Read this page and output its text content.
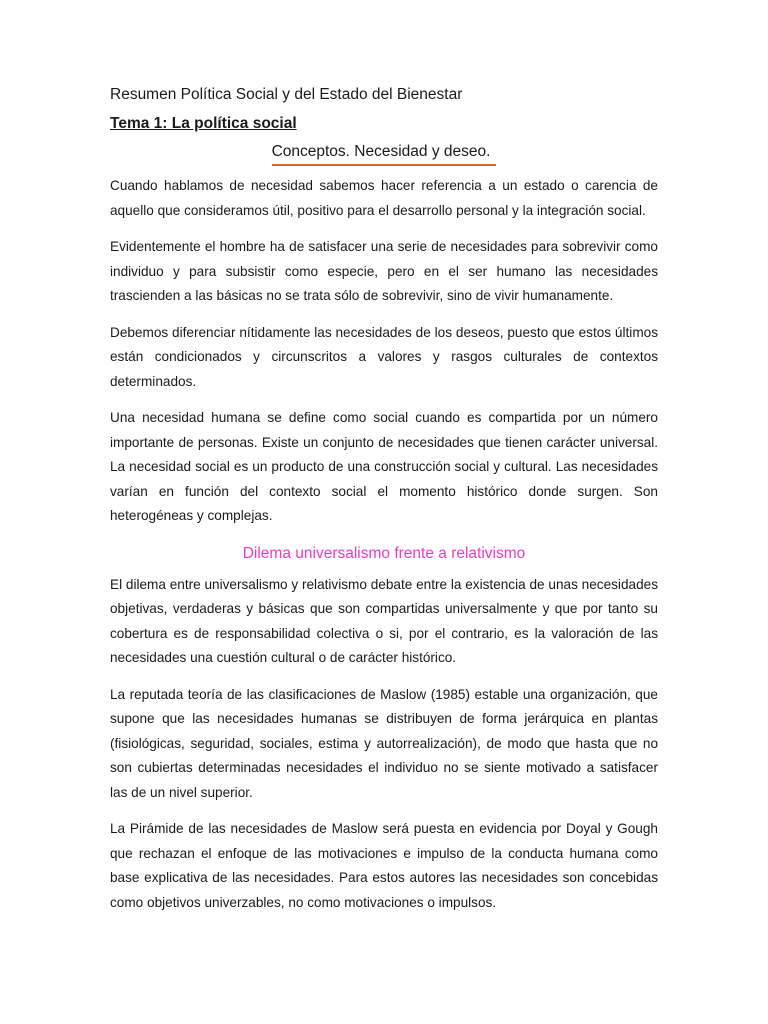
Resumen Política Social y del Estado del Bienestar
Tema 1: La política social
Conceptos. Necesidad y deseo.

Cuando hablamos de necesidad sabemos hacer referencia a un estado o carencia de aquello que consideramos útil, positivo para el desarrollo personal y la integración social.

Evidentemente el hombre ha de satisfacer una serie de necesidades para sobrevivir como individuo y para subsistir como especie, pero en el ser humano las necesidades trascienden a las básicas no se trata sólo de sobrevivir, sino de vivir humanamente.

Debemos diferenciar nítidamente las necesidades de los deseos, puesto que estos últimos están condicionados y circunscritos a valores y rasgos culturales de contextos determinados.

Una necesidad humana se define como social cuando es compartida por un número importante de personas. Existe un conjunto de necesidades que tienen carácter universal. La necesidad social es un producto de una construcción social y cultural. Las necesidades varían en función del contexto social el momento histórico donde surgen. Son heterogéneas y complejas.

Dilema universalismo frente a relativismo

El dilema entre universalismo y relativismo debate entre la existencia de unas necesidades objetivas, verdaderas y básicas que son compartidas universalmente y que por tanto su cobertura es de responsabilidad colectiva o si, por el contrario, es la valoración de las necesidades una cuestión cultural o de carácter histórico.

La reputada teoría de las clasificaciones de Maslow (1985) estable una organización, que supone que las necesidades humanas se distribuyen de forma jerárquica en plantas (fisiológicas, seguridad, sociales, estima y autorrealización), de modo que hasta que no son cubiertas determinadas necesidades el individuo no se siente motivado a satisfacer las de un nivel superior.

La Pirámide de las necesidades de Maslow será puesta en evidencia por Doyal y Gough que rechazan el enfoque de las motivaciones e impulso de la conducta humana como base explicativa de las necesidades. Para estos autores las necesidades son concebidas como objetivos univerzables, no como motivaciones o impulsos.
